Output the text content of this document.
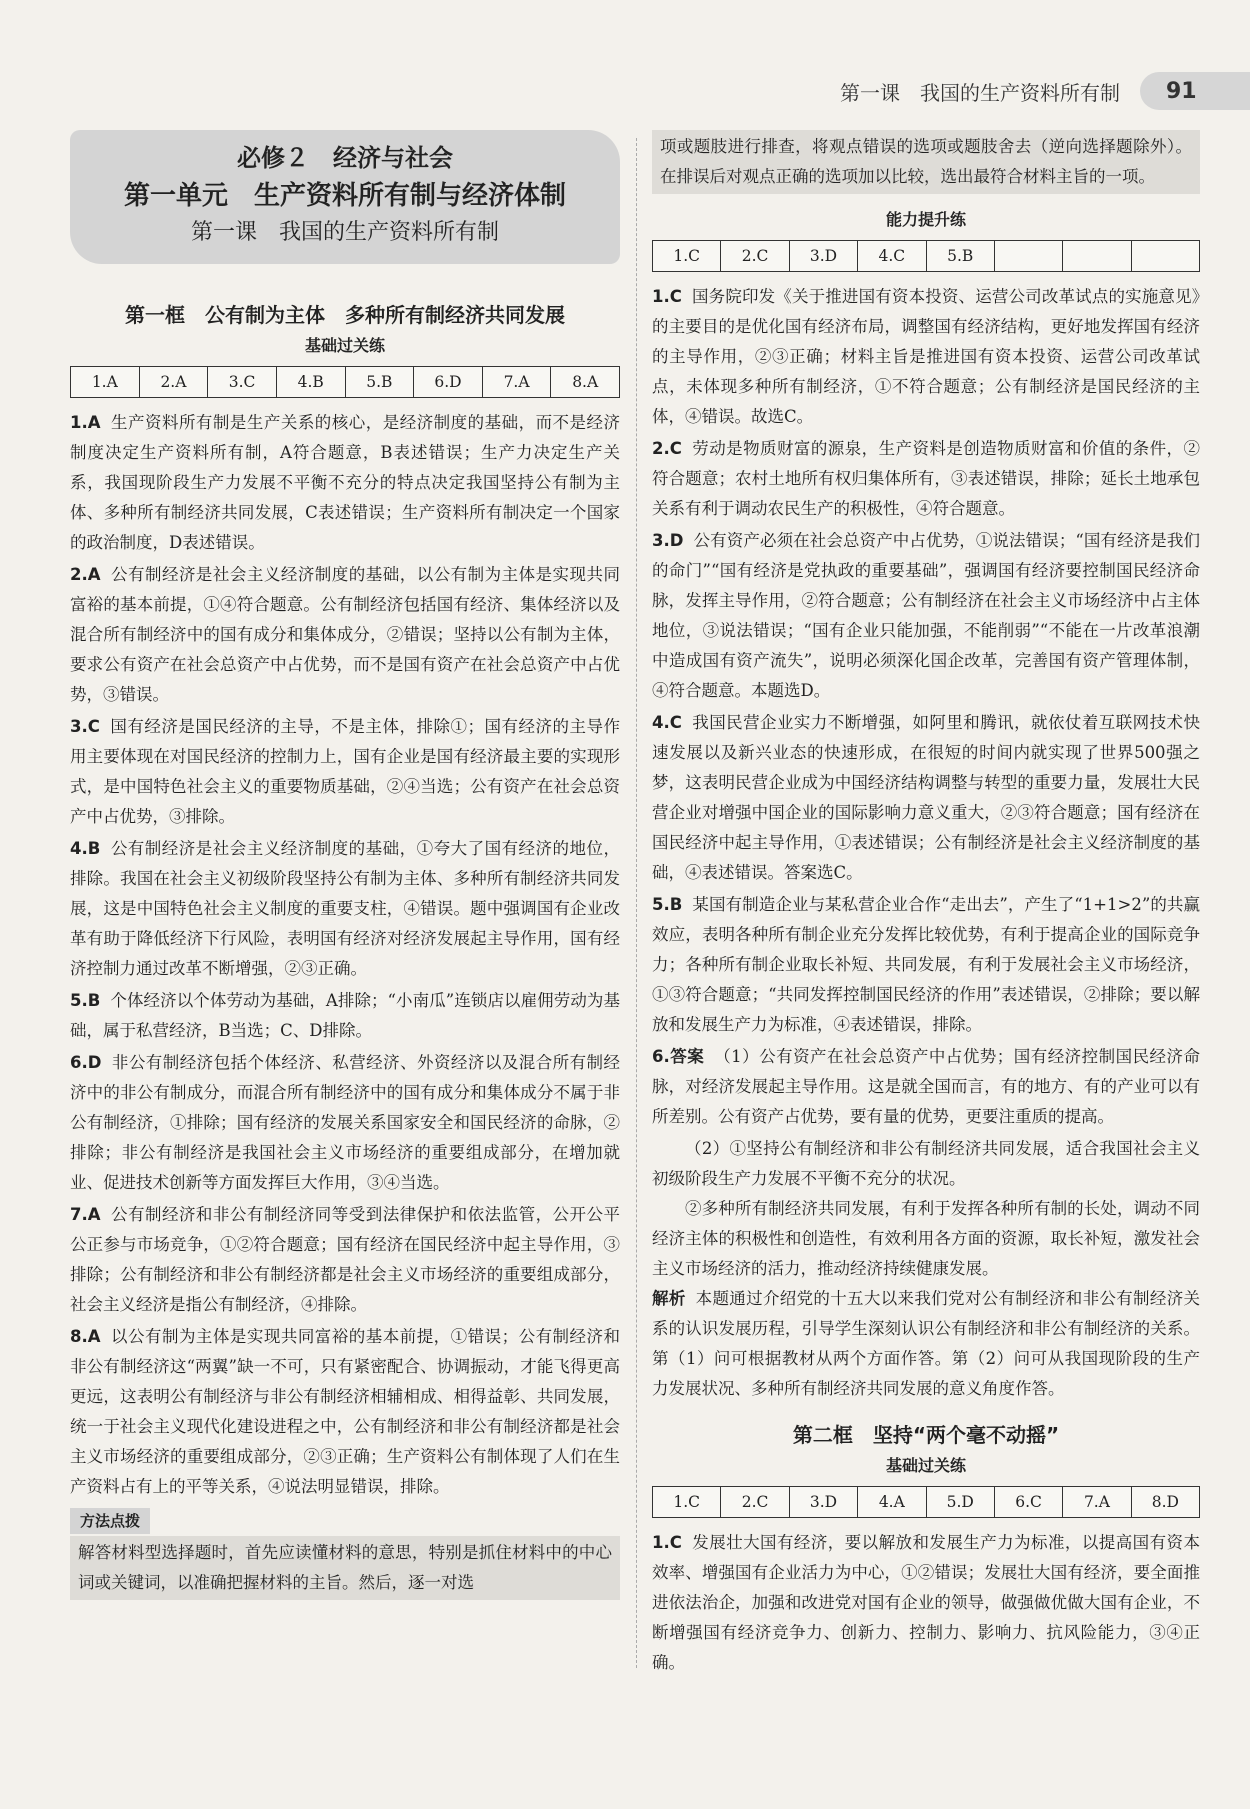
第一课　我国的生产资料所有制	91
必修２　经济与社会
第一单元　生产资料所有制与经济体制
第一课　我国的生产资料所有制
第一框　公有制为主体　多种所有制经济共同发展
基础过关练
1.A	2.A	3.C	4.B	5.B	6.D	7.A	8.A
1.A 生产资料所有制是生产关系的核心，是经济制度的基础，而不是经济制度决定生产资料所有制，A符合题意，B表述错误；生产力决定生产关系，我国现阶段生产力发展不平衡不充分的特点决定我国坚持公有制为主体、多种所有制经济共同发展，C表述错误；生产资料所有制决定一个国家的政治制度，D表述错误。
2.A 公有制经济是社会主义经济制度的基础，以公有制为主体是实现共同富裕的基本前提，①④符合题意。公有制经济包括国有经济、集体经济以及混合所有制经济中的国有成分和集体成分，②错误；坚持以公有制为主体，要求公有资产在社会总资产中占优势，而不是国有资产在社会总资产中占优势，③错误。
3.C 国有经济是国民经济的主导，不是主体，排除①；国有经济的主导作用主要体现在对国民经济的控制力上，国有企业是国有经济最主要的实现形式，是中国特色社会主义的重要物质基础，②④当选；公有资产在社会总资产中占优势，③排除。
4.B 公有制经济是社会主义经济制度的基础，①夸大了国有经济的地位，排除。我国在社会主义初级阶段坚持公有制为主体、多种所有制经济共同发展，这是中国特色社会主义制度的重要支柱，④错误。题中强调国有企业改革有助于降低经济下行风险，表明国有经济对经济发展起主导作用，国有经济控制力通过改革不断增强，②③正确。
5.B 个体经济以个体劳动为基础，A排除；“小南瓜”连锁店以雇佣劳动为基础，属于私营经济，B当选；C、D排除。
6.D 非公有制经济包括个体经济、私营经济、外资经济以及混合所有制经济中的非公有制成分，而混合所有制经济中的国有成分和集体成分不属于非公有制经济，①排除；国有经济的发展关系国家安全和国民经济的命脉，②排除；非公有制经济是我国社会主义市场经济的重要组成部分，在增加就业、促进技术创新等方面发挥巨大作用，③④当选。
7.A 公有制经济和非公有制经济同等受到法律保护和依法监管，公开公平公正参与市场竞争，①②符合题意；国有经济在国民经济中起主导作用，③排除；公有制经济和非公有制经济都是社会主义市场经济的重要组成部分，社会主义经济是指公有制经济，④排除。
8.A 以公有制为主体是实现共同富裕的基本前提，①错误；公有制经济和非公有制经济这“两翼”缺一不可，只有紧密配合、协调振动，才能飞得更高更远，这表明公有制经济与非公有制经济相辅相成、相得益彰、共同发展，统一于社会主义现代化建设进程之中，公有制经济和非公有制经济都是社会主义市场经济的重要组成部分，②③正确；生产资料公有制体现了人们在生产资料占有上的平等关系，④说法明显错误，排除。
方法点拨
解答材料型选择题时，首先应读懂材料的意思，特别是抓住材料中的中心词或关键词，以准确把握材料的主旨。然后，逐一对选
项或题肢进行排查，将观点错误的选项或题肢舍去（逆向选择题除外）。在排误后对观点正确的选项加以比较，选出最符合材料主旨的一项。
能力提升练
1.C	2.C	3.D	4.C	5.B			
1.C 国务院印发《关于推进国有资本投资、运营公司改革试点的实施意见》的主要目的是优化国有经济布局，调整国有经济结构，更好地发挥国有经济的主导作用，②③正确；材料主旨是推进国有资本投资、运营公司改革试点，未体现多种所有制经济，①不符合题意；公有制经济是国民经济的主体，④错误。故选C。
2.C 劳动是物质财富的源泉，生产资料是创造物质财富和价值的条件，②符合题意；农村土地所有权归集体所有，③表述错误，排除；延长土地承包关系有利于调动农民生产的积极性，④符合题意。
3.D 公有资产必须在社会总资产中占优势，①说法错误；“国有经济是我们的命门”“国有经济是党执政的重要基础”，强调国有经济要控制国民经济命脉，发挥主导作用，②符合题意；公有制经济在社会主义市场经济中占主体地位，③说法错误；“国有企业只能加强，不能削弱”“不能在一片改革浪潮中造成国有资产流失”，说明必须深化国企改革，完善国有资产管理体制，④符合题意。本题选D。
4.C 我国民营企业实力不断增强，如阿里和腾讯，就依仗着互联网技术快速发展以及新兴业态的快速形成，在很短的时间内就实现了世界500强之梦，这表明民营企业成为中国经济结构调整与转型的重要力量，发展壮大民营企业对增强中国企业的国际影响力意义重大，②③符合题意；国有经济在国民经济中起主导作用，①表述错误；公有制经济是社会主义经济制度的基础，④表述错误。答案选C。
5.B 某国有制造企业与某私营企业合作“走出去”，产生了“1+1>2”的共赢效应，表明各种所有制企业充分发挥比较优势，有利于提高企业的国际竞争力；各种所有制企业取长补短、共同发展，有利于发展社会主义市场经济，①③符合题意；“共同发挥控制国民经济的作用”表述错误，②排除；要以解放和发展生产力为标准，④表述错误，排除。
6.答案 （1）公有资产在社会总资产中占优势；国有经济控制国民经济命脉，对经济发展起主导作用。这是就全国而言，有的地方、有的产业可以有所差别。公有资产占优势，要有量的优势，更要注重质的提高。
（2）①坚持公有制经济和非公有制经济共同发展，适合我国社会主义初级阶段生产力发展不平衡不充分的状况。
②多种所有制经济共同发展，有利于发挥各种所有制的长处，调动不同经济主体的积极性和创造性，有效利用各方面的资源，取长补短，激发社会主义市场经济的活力，推动经济持续健康发展。
解析 本题通过介绍党的十五大以来我们党对公有制经济和非公有制经济关系的认识发展历程，引导学生深刻认识公有制经济和非公有制经济的关系。第（1）问可根据教材从两个方面作答。第（2）问可从我国现阶段的生产力发展状况、多种所有制经济共同发展的意义角度作答。
第二框　坚持“两个毫不动摇”
基础过关练
1.C	2.C	3.D	4.A	5.D	6.C	7.A	8.D
1.C 发展壮大国有经济，要以解放和发展生产力为标准，以提高国有资本效率、增强国有企业活力为中心，①②错误；发展壮大国有经济，要全面推进依法治企，加强和改进党对国有企业的领导，做强做优做大国有企业，不断增强国有经济竞争力、创新力、控制力、影响力、抗风险能力，③④正确。
